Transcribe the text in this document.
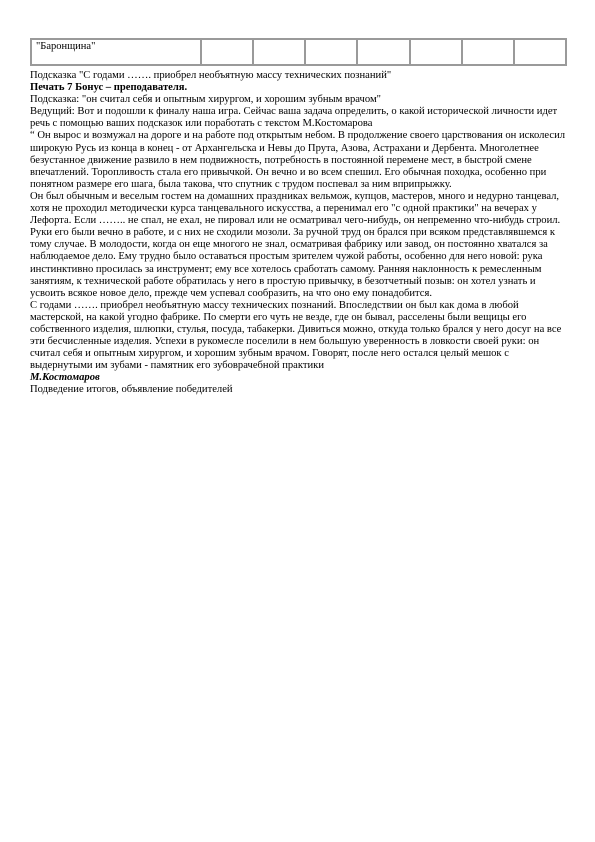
"Баронщина"							

Подсказка "С годами ……. приобрел необъятную массу технических познаний"

Печать 7 Бонус – преподавателя.

Подсказка: "он считал себя и опытным хирургом, и хорошим зубным врачом"

Ведущий: Вот и подошли к финалу наша игра. Сейчас ваша задача определить, о какой исторической личности идет речь с помощью ваших подсказок или поработать с текстом М.Костомарова

“ Он вырос и возмужал на дороге и на работе под открытым небом. В продолжение своего царствования он исколесил широкую Русь из конца в конец - от Архангельска и Невы до Прута, Азова, Астрахани и Дербента. Многолетнее безустанное движение развило в нем подвижность, потребность в постоянной перемене мест, в быстрой смене впечатлений. Торопливость стала его привычкой. Он вечно и во всем спешил. Его обычная походка, особенно при понятном размере его шага, была такова, что спутник с трудом поспевал за ним вприпрыжку.

Он был обычным и веселым гостем на домашних праздниках вельмож, купцов, мастеров, много и недурно танцевал, хотя не проходил методически курса танцевального искусства, а перенимал его "с одной практики" на вечерах у Лефорта. Если …….. не спал, не ехал, не пировал или не осматривал чего-нибудь, он непременно что-нибудь строил.

Руки его были вечно в работе, и с них не сходили мозоли. За ручной труд он брался при всяком представлявшемся к тому случае. В молодости, когда он еще многого не знал, осматривая фабрику или завод, он постоянно хватался за наблюдаемое дело. Ему трудно было оставаться простым зрителем чужой работы, особенно для него новой: рука инстинктивно просилась за инструмент; ему все хотелось сработать самому. Ранняя наклонность к ремесленным занятиям, к технической работе обратилась у него в простую привычку, в безотчетный позыв: он хотел узнать и усвоить всякое новое дело, прежде чем успевал сообразить, на что оно ему понадобится.

С годами ……. приобрел необъятную массу технических познаний. Впоследствии он был как дома в любой мастерской, на какой угодно фабрике. По смерти его чуть не везде, где он бывал, расселены были вещицы его собственного изделия, шлюпки, стулья, посуда, табакерки. Дивиться можно, откуда только брался у него досуг на все эти бесчисленные изделия. Успехи в рукомесле поселили в нем большую уверенность в ловкости своей руки: он считал себя и опытным хирургом, и хорошим зубным врачом. Говорят, после него остался целый мешок с выдернутыми им зубами - памятник его зубоврачебной практики

М.Костомаров

Подведение итогов, объявление победителей
